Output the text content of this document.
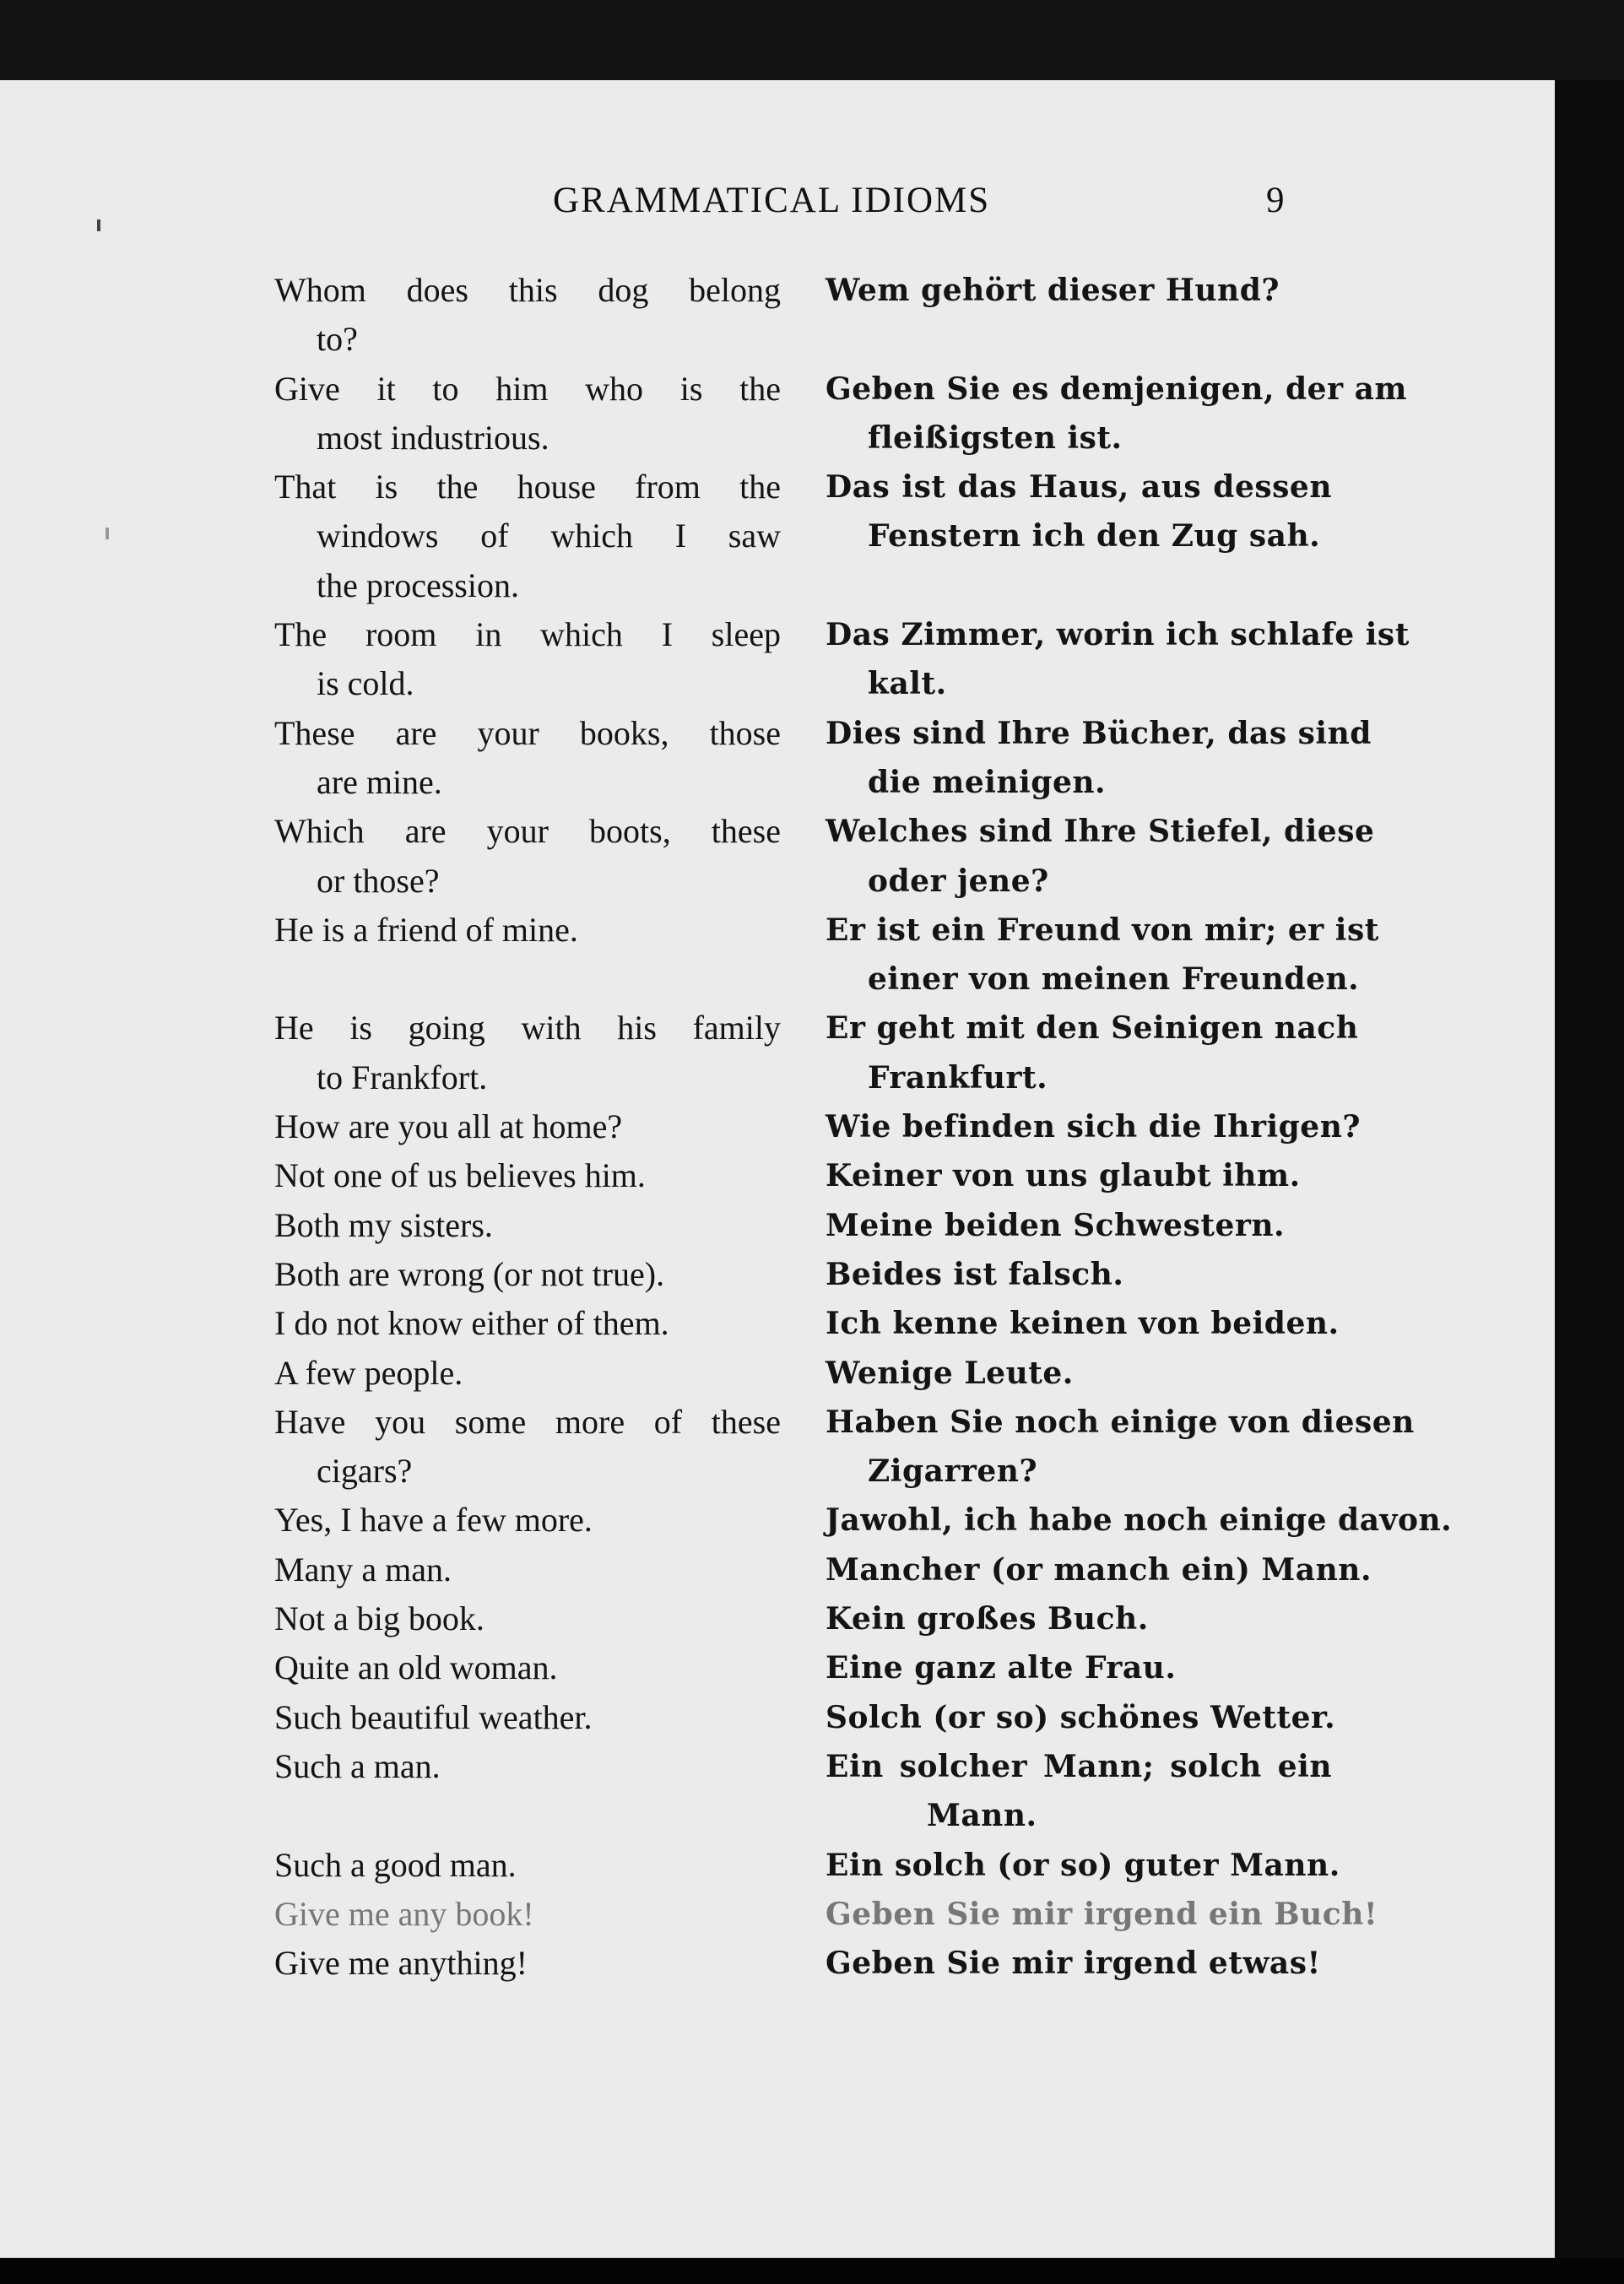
GRAMMATICAL IDIOMS	9
Whom does this dog belong
to?
Give it to him who is the
most industrious.
That is the house from the
windows of which I saw
the procession.
The room in which I sleep
is cold.
These are your books, those
are mine.
Which are your boots, these
or those?
He is a friend of mine.
He is going with his family
to Frankfort.
How are you all at home?
Not one of us believes him.
Both my sisters.
Both are wrong (or not true).
I do not know either of them.
A few people.
Have you some more of these
cigars?
Yes, I have a few more.
Many a man.
Not a big book.
Quite an old woman.
Such beautiful weather.
Such a man.
Such a good man.
Give me any book!
Give me anything!
Wem gehört dieser Hund?
Geben Sie es demjenigen, der am
fleißigsten ist.
Das ist das Haus, aus dessen
Fenstern ich den Zug sah.
Das Zimmer, worin ich schlafe ist
kalt.
Dies sind Ihre Bücher, das sind
die meinigen.
Welches sind Ihre Stiefel, diese
oder jene?
Er ist ein Freund von mir; er ist
einer von meinen Freunden.
Er geht mit den Seinigen nach
Frankfurt.
Wie befinden sich die Ihrigen?
Keiner von uns glaubt ihm.
Meine beiden Schwestern.
Beides ist falsch.
Ich kenne keinen von beiden.
Wenige Leute.
Haben Sie noch einige von diesen
Zigarren?
Jawohl, ich habe noch einige davon.
Mancher (or manch ein) Mann.
Kein großes Buch.
Eine ganz alte Frau.
Solch (or so) schönes Wetter.
Ein solcher Mann; solch ein
Mann.
Ein solch (or so) guter Mann.
Geben Sie mir irgend ein Buch!
Geben Sie mir irgend etwas!
